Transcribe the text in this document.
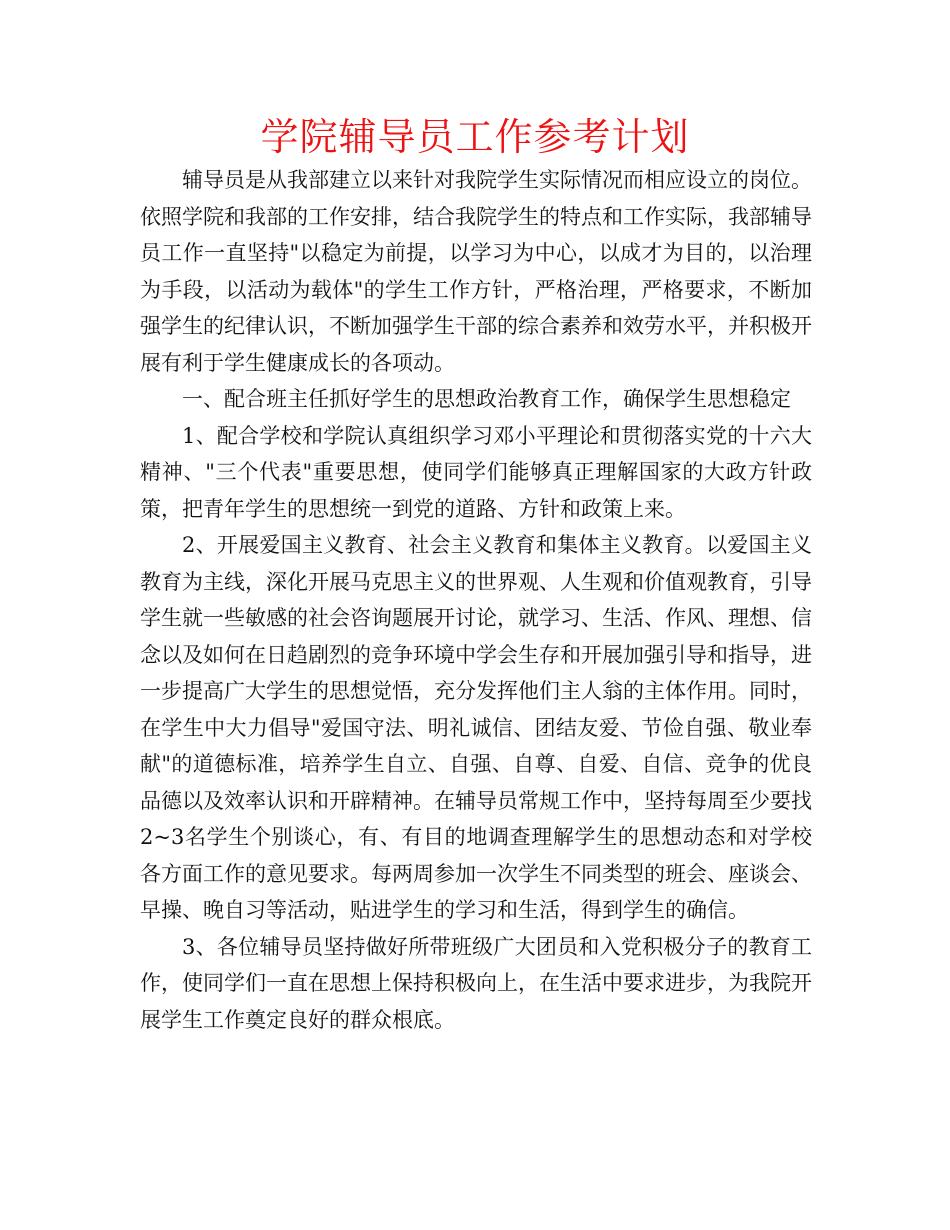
学院辅导员工作参考计划

辅导员是从我部建立以来针对我院学生实际情况而相应设立的岗位。依照学院和我部的工作安排，结合我院学生的特点和工作实际，我部辅导员工作一直坚持"以稳定为前提，以学习为中心，以成才为目的，以治理为手段，以活动为载体"的学生工作方针，严格治理，严格要求，不断加强学生的纪律认识，不断加强学生干部的综合素养和效劳水平，并积极开展有利于学生健康成长的各项动。

一、配合班主任抓好学生的思想政治教育工作，确保学生思想稳定

1、配合学校和学院认真组织学习邓小平理论和贯彻落实党的十六大精神、"三个代表"重要思想，使同学们能够真正理解国家的大政方针政策，把青年学生的思想统一到党的道路、方针和政策上来。

2、开展爱国主义教育、社会主义教育和集体主义教育。以爱国主义教育为主线，深化开展马克思主义的世界观、人生观和价值观教育，引导学生就一些敏感的社会咨询题展开讨论，就学习、生活、作风、理想、信念以及如何在日趋剧烈的竞争环境中学会生存和开展加强引导和指导，进一步提高广大学生的思想觉悟，充分发挥他们主人翁的主体作用。同时，在学生中大力倡导"爱国守法、明礼诚信、团结友爱、节俭自强、敬业奉献"的道德标准，培养学生自立、自强、自尊、自爱、自信、竞争的优良品德以及效率认识和开辟精神。在辅导员常规工作中，坚持每周至少要找2~3名学生个别谈心，有、有目的地调查理解学生的思想动态和对学校各方面工作的意见要求。每两周参加一次学生不同类型的班会、座谈会、早操、晚自习等活动，贴进学生的学习和生活，得到学生的确信。

3、各位辅导员坚持做好所带班级广大团员和入党积极分子的教育工作，使同学们一直在思想上保持积极向上，在生活中要求进步，为我院开展学生工作奠定良好的群众根底。
